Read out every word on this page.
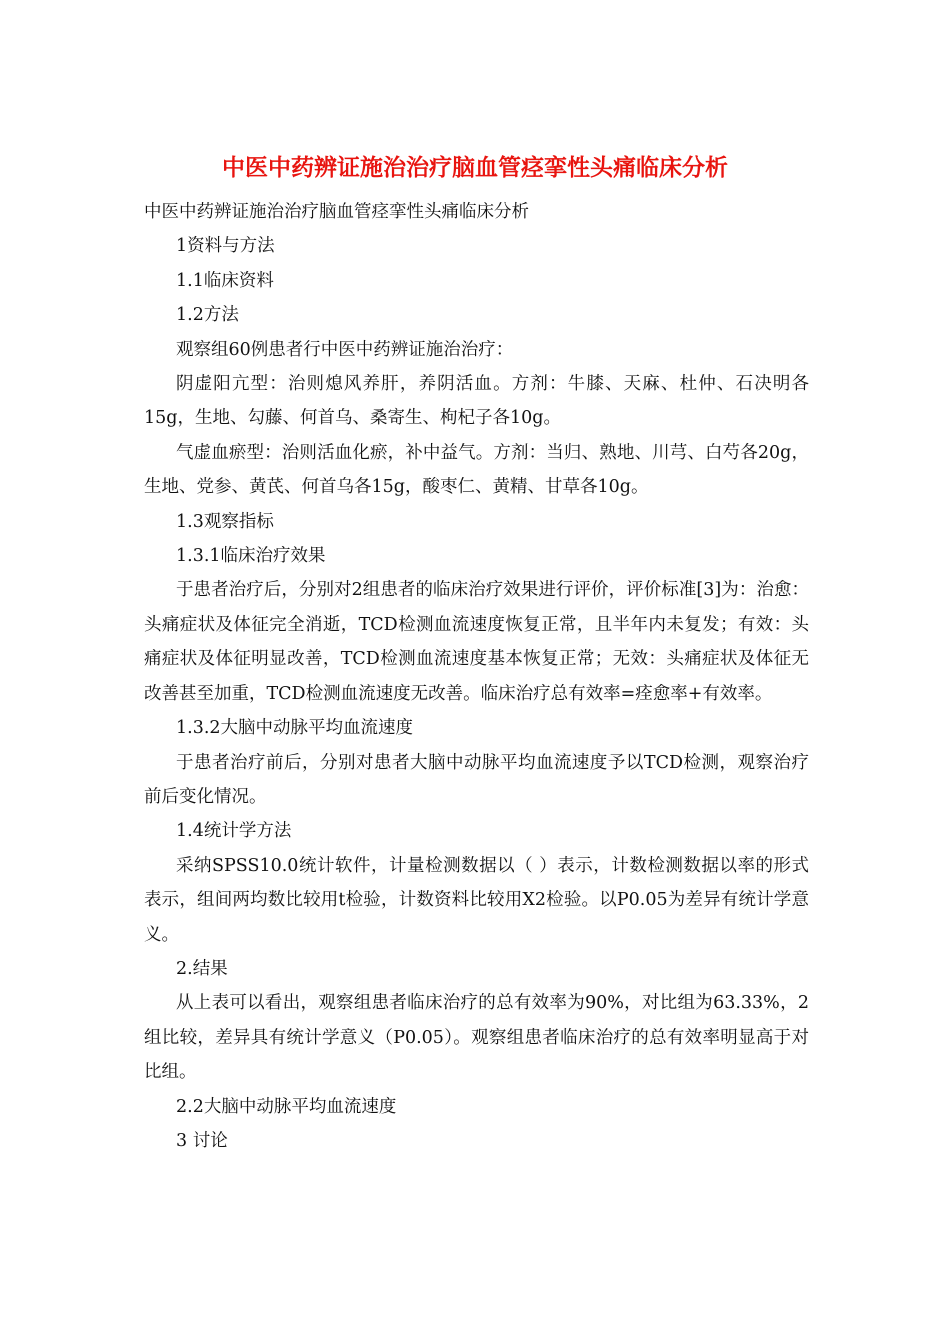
中医中药辨证施治治疗脑血管痉挛性头痛临床分析

中医中药辨证施治治疗脑血管痉挛性头痛临床分析

1资料与方法

1.1临床资料

1.2方法

观察组60例患者行中医中药辨证施治治疗：

阴虚阳亢型：治则熄风养肝，养阴活血。方剂：牛膝、天麻、杜仲、石决明各15g，生地、勾藤、何首乌、桑寄生、枸杞子各10g。

气虚血瘀型：治则活血化瘀，补中益气。方剂：当归、熟地、川芎、白芍各20g，生地、党参、黄芪、何首乌各15g，酸枣仁、黄精、甘草各10g。

1.3观察指标

1.3.1临床治疗效果

于患者治疗后，分别对2组患者的临床治疗效果进行评价，评价标准[3]为：治愈：头痛症状及体征完全消逝，TCD检测血流速度恢复正常，且半年内未复发；有效：头痛症状及体征明显改善，TCD检测血流速度基本恢复正常；无效：头痛症状及体征无改善甚至加重，TCD检测血流速度无改善。临床治疗总有效率=痊愈率+有效率。

1.3.2大脑中动脉平均血流速度

于患者治疗前后，分别对患者大脑中动脉平均血流速度予以TCD检测，观察治疗前后变化情况。

1.4统计学方法

采纳SPSS10.0统计软件，计量检测数据以（ ）表示，计数检测数据以率的形式表示，组间两均数比较用t检验，计数资料比较用X2检验。以P0.05为差异有统计学意义。

2.结果

从上表可以看出，观察组患者临床治疗的总有效率为90%，对比组为63.33%，2组比较，差异具有统计学意义（P0.05）。观察组患者临床治疗的总有效率明显高于对比组。

2.2大脑中动脉平均血流速度

3 讨论
